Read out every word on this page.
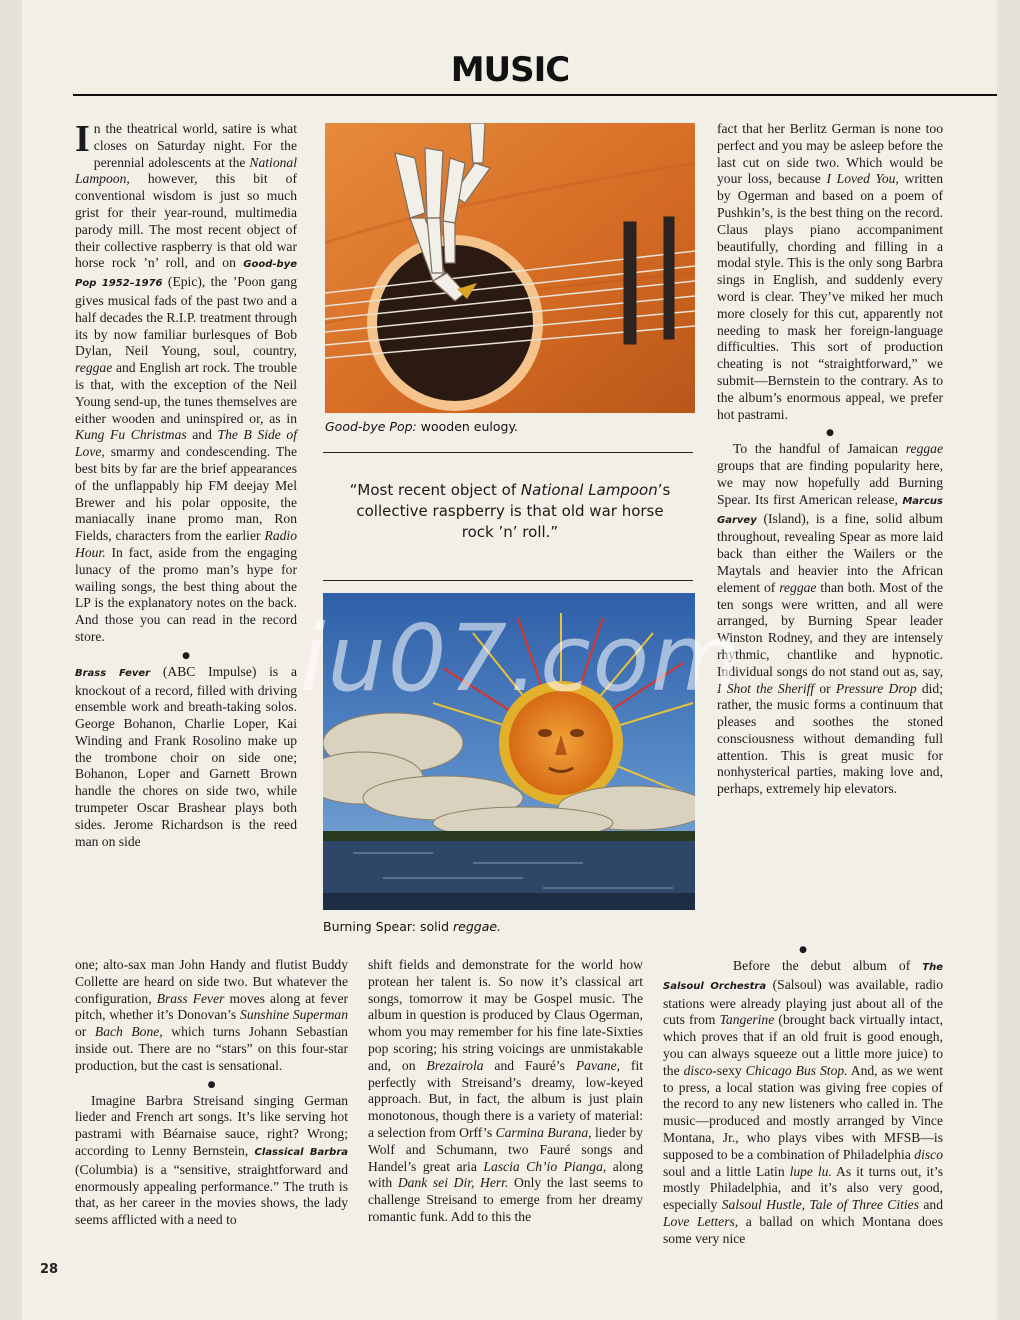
MUSIC

In the theatrical world, satire is what closes on Saturday night. For the perennial adolescents at the National Lampoon, however, this bit of conventional wisdom is just so much grist for their year-round, multimedia parody mill. The most recent object of their collective raspberry is that old war horse rock ’n’ roll, and on Good-bye Pop 1952–1976 (Epic), the ’Poon gang gives musical fads of the past two and a half decades the R.I.P. treatment through its by now familiar burlesques of Bob Dylan, Neil Young, soul, country, reggae and English art rock. The trouble is that, with the exception of the Neil Young send-up, the tunes themselves are either wooden and uninspired or, as in Kung Fu Christmas and The B Side of Love, smarmy and condescending. The best bits by far are the brief appearances of the unflappably hip FM deejay Mel Brewer and his polar opposite, the maniacally inane promo man, Ron Fields, characters from the earlier Radio Hour. In fact, aside from the engaging lunacy of the promo man’s hype for wailing songs, the best thing about the LP is the explanatory notes on the back. And those you can read in the record store.

●

Brass Fever (ABC Impulse) is a knockout of a record, filled with driving ensemble work and breath-taking solos. George Bohanon, Charlie Loper, Kai Winding and Frank Rosolino make up the trombone choir on side one; Bohanon, Loper and Garnett Brown handle the chores on side two, while trumpeter Oscar Brashear plays both sides. Jerome Richardson is the reed man on side

one; alto-sax man John Handy and flutist Buddy Collette are heard on side two. But whatever the configuration, Brass Fever moves along at fever pitch, whether it’s Donovan’s Sunshine Superman or Bach Bone, which turns Johann Sebastian inside out. There are no “stars” on this four-star production, but the cast is sensational.

●

Imagine Barbra Streisand singing German lieder and French art songs. It’s like serving hot pastrami with Béarnaise sauce, right? Wrong; according to Lenny Bernstein, Classical Barbra (Columbia) is a “sensitive, straightforward and enormously appealing performance.” The truth is that, as her career in the movies shows, the lady seems afflicted with a need to

shift fields and demonstrate for the world how protean her talent is. So now it’s classical art songs, tomorrow it may be Gospel music. The album in question is produced by Claus Ogerman, whom you may remember for his fine late-Sixties pop scoring; his string voicings are unmistakable and, on Brezairola and Fauré’s Pavane, fit perfectly with Streisand’s dreamy, low-keyed approach. But, in fact, the album is just plain monotonous, though there is a variety of material: a selection from Orff’s Carmina Burana, lieder by Wolf and Schumann, two Fauré songs and Handel’s great aria Lascia Ch’io Pianga, along with Dank sei Dir, Herr. Only the last seems to challenge Streisand to emerge from her dreamy romantic funk. Add to this the

fact that her Berlitz German is none too perfect and you may be asleep before the last cut on side two. Which would be your loss, because I Loved You, written by Ogerman and based on a poem of Pushkin’s, is the best thing on the record. Claus plays piano accompaniment beautifully, chording and filling in a modal style. This is the only song Barbra sings in English, and suddenly every word is clear. They’ve miked her much more closely for this cut, apparently not needing to mask her foreign-language difficulties. This sort of production cheating is not “straightforward,” we submit—Bernstein to the contrary. As to the album’s enormous appeal, we prefer hot pastrami.

●

To the handful of Jamaican reggae groups that are finding popularity here, we may now hopefully add Burning Spear. Its first American release, Marcus Garvey (Island), is a fine, solid album throughout, revealing Spear as more laid back than either the Wailers or the Maytals and heavier into the African element of reggae than both. Most of the ten songs were written, and all were arranged, by Burning Spear leader Winston Rodney, and they are intensely rhythmic, chantlike and hypnotic. Individual songs do not stand out as, say, I Shot the Sheriff or Pressure Drop did; rather, the music forms a continuum that pleases and soothes the stoned consciousness without demanding full attention. This is great music for nonhysterical parties, making love and, perhaps, extremely hip elevators.

●

Before the debut album of The Salsoul Orchestra (Salsoul) was available, radio stations were already playing just about all of the cuts from Tangerine (brought back virtually intact, which proves that if an old fruit is good enough, you can always squeeze out a little more juice) to the disco-sexy Chicago Bus Stop. And, as we went to press, a local station was giving free copies of the record to any new listeners who called in. The music—produced and mostly arranged by Vince Montana, Jr., who plays vibes with MFSB—is supposed to be a combination of Philadelphia disco soul and a little Latin lupe lu. As it turns out, it’s mostly Philadelphia, and it’s also very good, especially Salsoul Hustle, Tale of Three Cities and Love Letters, a ballad on which Montana does some very nice

Good-bye Pop: wooden eulogy.
“Most recent object of National Lampoon’s collective raspberry is that old war horse rock ’n’ roll.”
Burning Spear: solid reggae.
28
iu07.com
